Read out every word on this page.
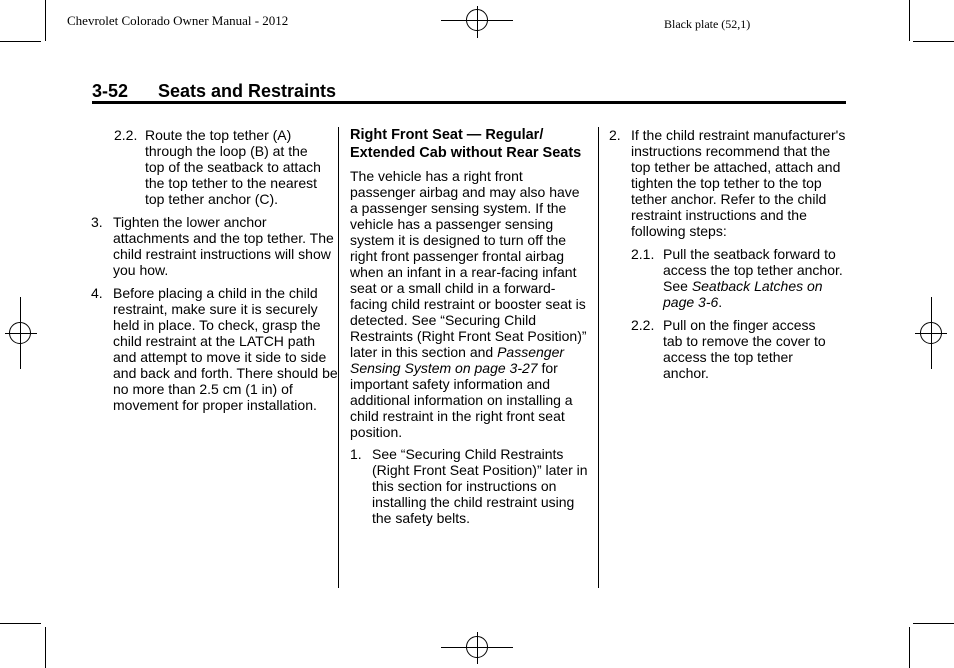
Chevrolet Colorado Owner Manual - 2012	Black plate (52,1)
3-52 Seats and Restraints
2.2. Route the top tether (A) through the loop (B) at the top of the seatback to attach the top tether to the nearest top tether anchor (C).
3. Tighten the lower anchor attachments and the top tether. The child restraint instructions will show you how.
4. Before placing a child in the child restraint, make sure it is securely held in place. To check, grasp the child restraint at the LATCH path and attempt to move it side to side and back and forth. There should be no more than 2.5 cm (1 in) of movement for proper installation.
Right Front Seat — Regular/ Extended Cab without Rear Seats

The vehicle has a right front passenger airbag and may also have a passenger sensing system. If the vehicle has a passenger sensing system it is designed to turn off the right front passenger frontal airbag when an infant in a rear-facing infant seat or a small child in a forward-facing child restraint or booster seat is detected. See “Securing Child Restraints (Right Front Seat Position)” later in this section and Passenger Sensing System on page 3-27 for important safety information and additional information on installing a child restraint in the right front seat position.

1. See “Securing Child Restraints (Right Front Seat Position)” later in this section for instructions on installing the child restraint using the safety belts.
2. If the child restraint manufacturer's instructions recommend that the top tether be attached, attach and tighten the top tether to the top tether anchor. Refer to the child restraint instructions and the following steps:
2.1. Pull the seatback forward to access the top tether anchor. See Seatback Latches on page 3-6.
2.2. Pull on the finger access tab to remove the cover to access the top tether anchor.
